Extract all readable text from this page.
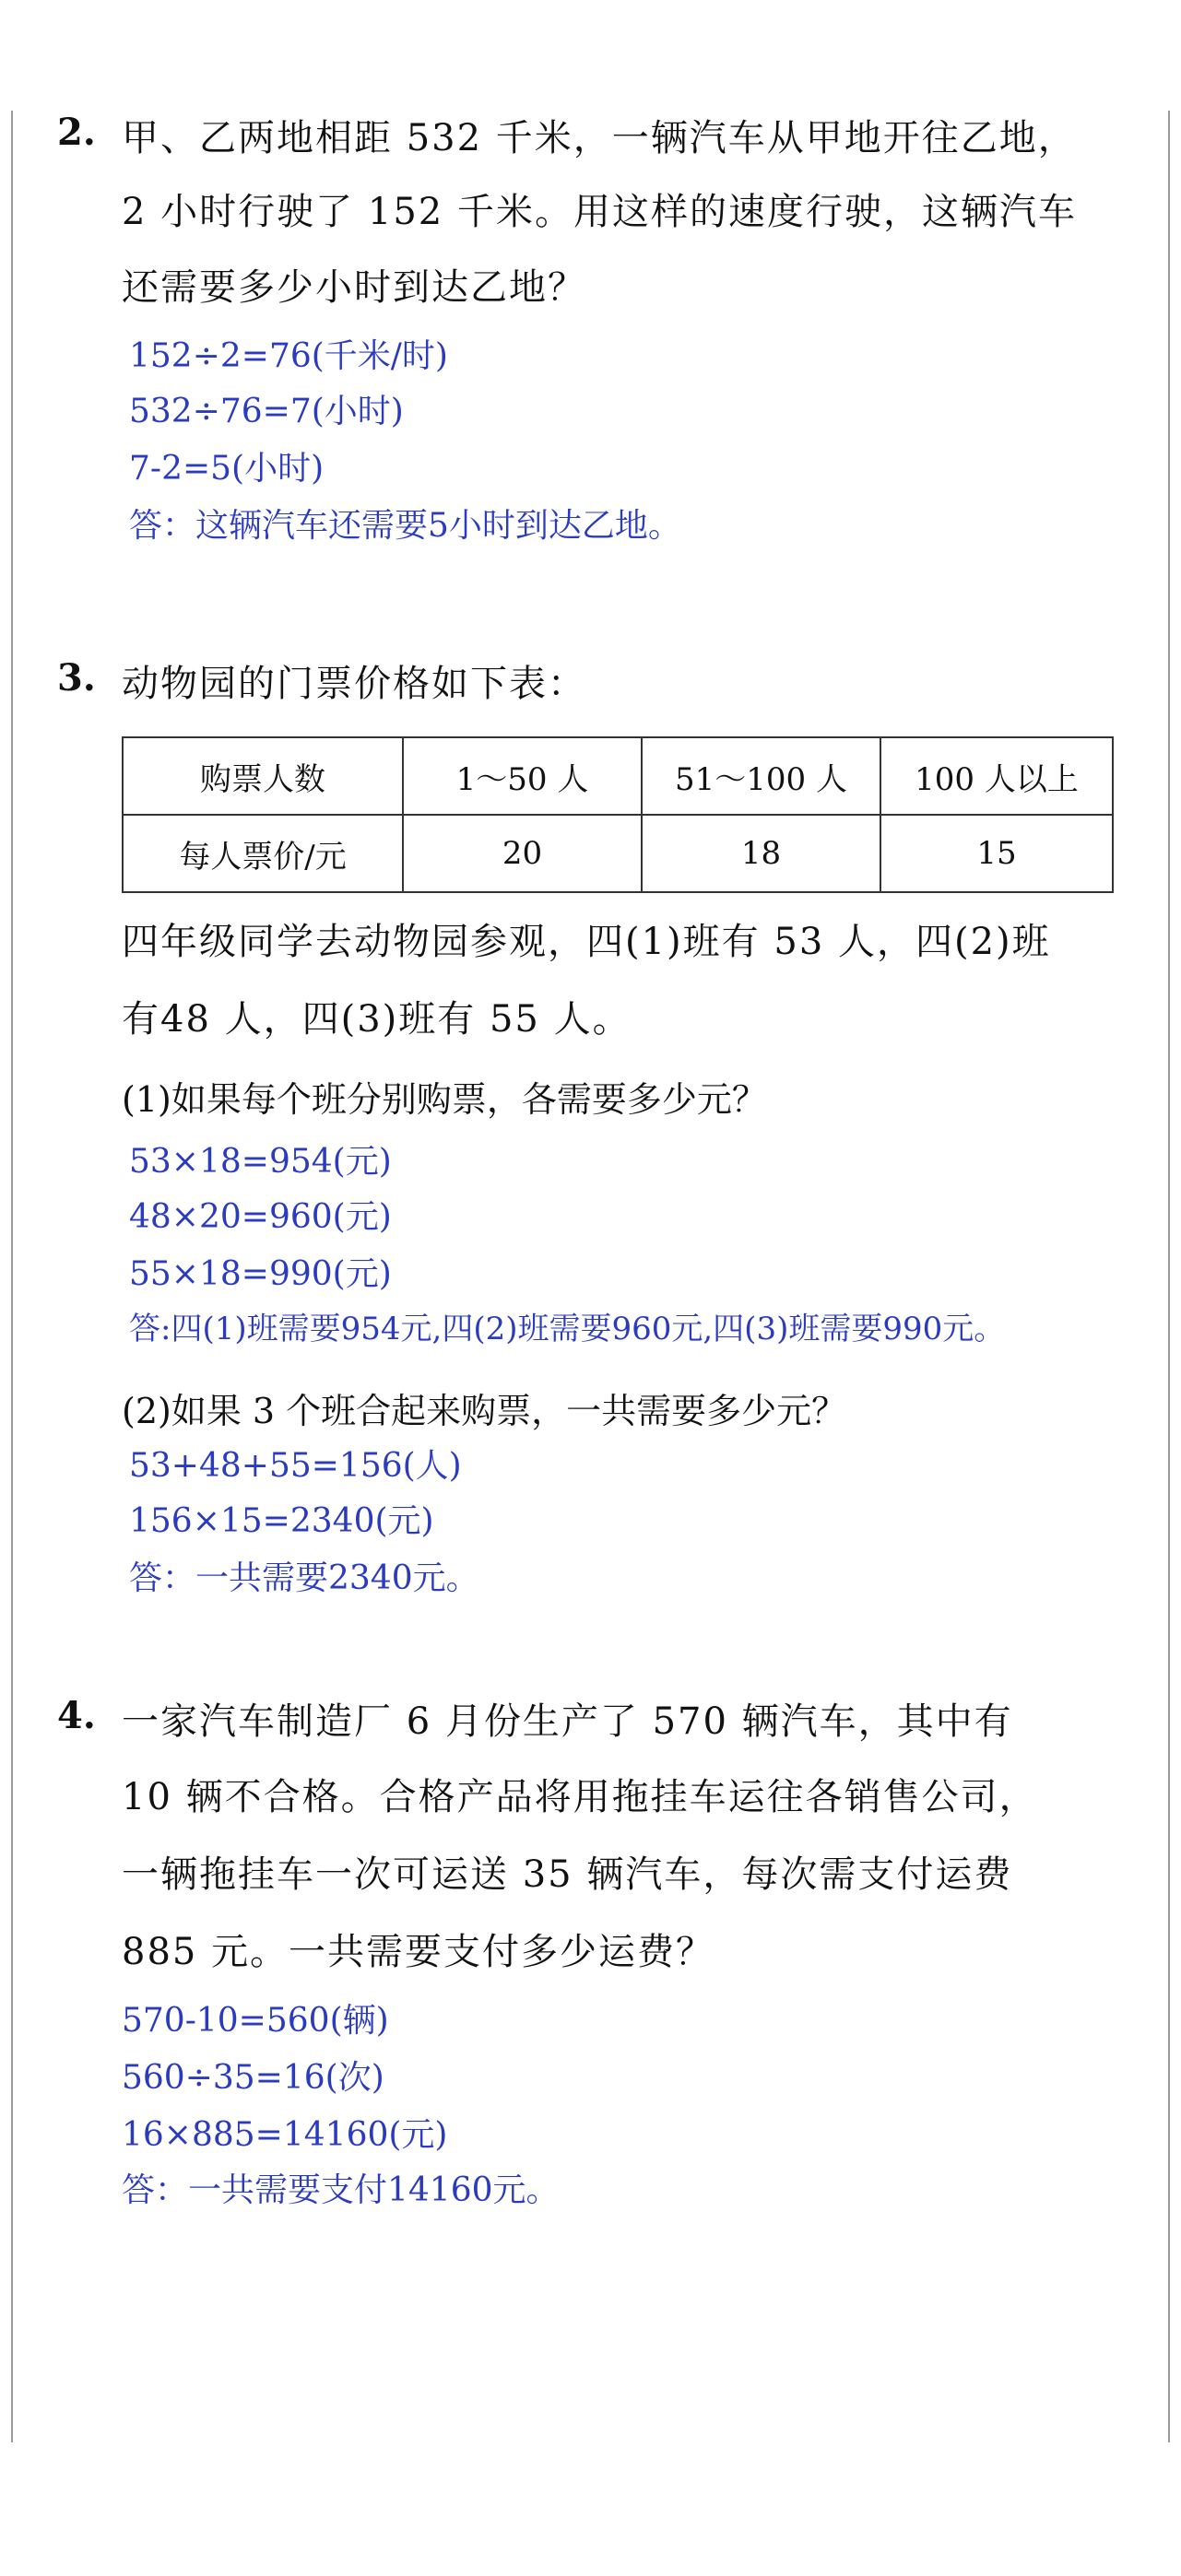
2. 甲、乙两地相距 532 千米，一辆汽车从甲地开往乙地，
2 小时行驶了 152 千米。用这样的速度行驶，这辆汽车
还需要多少小时到达乙地？
152÷2=76(千米/时)
532÷76=7(小时)
7-2=5(小时)
答：这辆汽车还需要5小时到达乙地。
3. 动物园的门票价格如下表：
购票人数	1～50 人	51～100 人	100 人以上
每人票价/元	20	18	15
四年级同学去动物园参观，四(1)班有 53 人，四(2)班
有48 人，四(3)班有 55 人。
(1)如果每个班分别购票，各需要多少元？
53×18=954(元)
48×20=960(元)
55×18=990(元)
答:四(1)班需要954元,四(2)班需要960元,四(3)班需要990元。
(2)如果 3 个班合起来购票，一共需要多少元？
53+48+55=156(人)
156×15=2340(元)
答：一共需要2340元。
4. 一家汽车制造厂 6 月份生产了 570 辆汽车，其中有
10 辆不合格。合格产品将用拖挂车运往各销售公司，
一辆拖挂车一次可运送 35 辆汽车，每次需支付运费
885 元。一共需要支付多少运费？
570-10=560(辆)
560÷35=16(次)
16×885=14160(元)
答：一共需要支付14160元。
